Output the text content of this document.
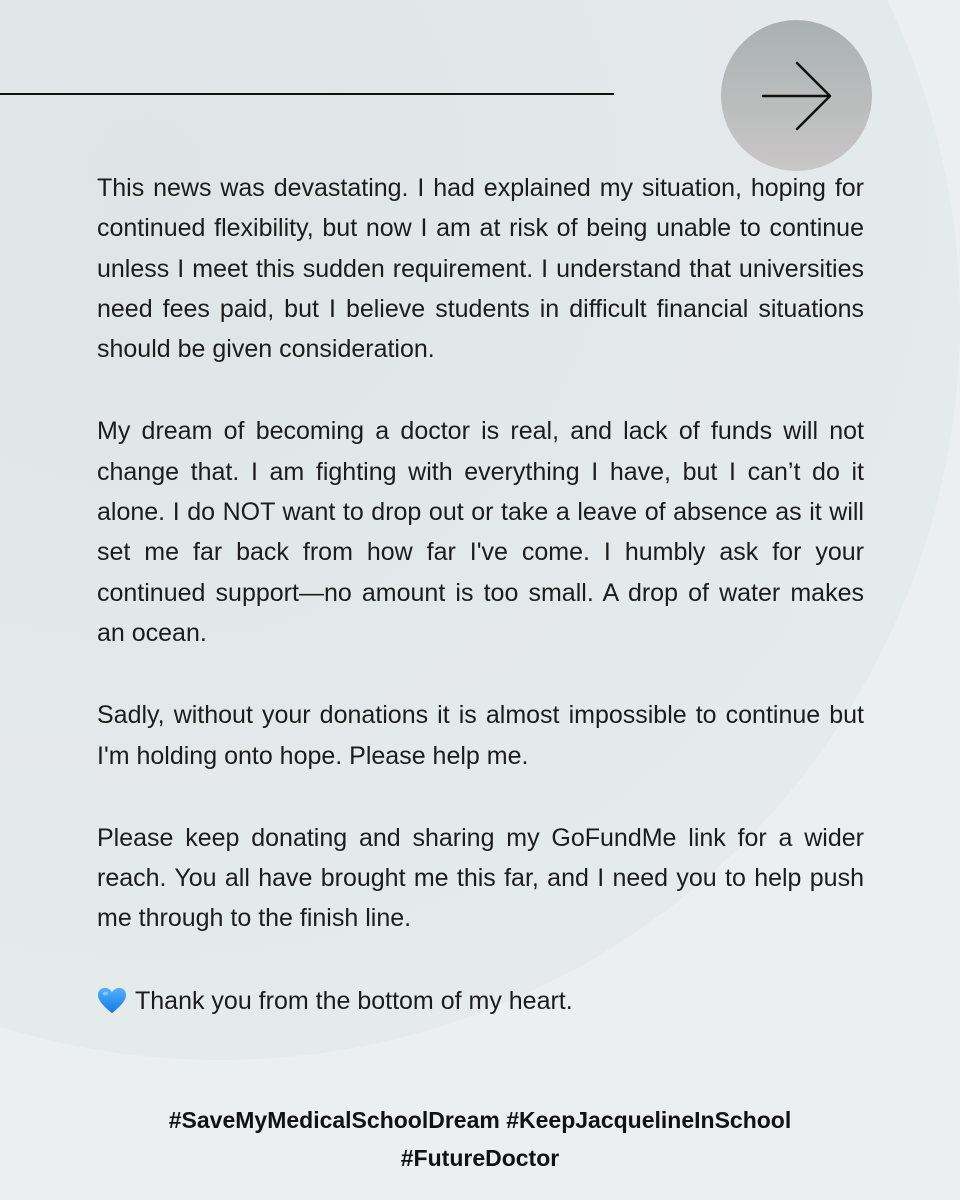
This news was devastating. I had explained my situation, hoping for continued flexibility, but now I am at risk of being unable to continue unless I meet this sudden requirement. I understand that universities need fees paid, but I believe students in difficult financial situations should be given consideration.

My dream of becoming a doctor is real, and lack of funds will not change that. I am fighting with everything I have, but I can’t do it alone. I do NOT want to drop out or take a leave of absence as it will set me far back from how far I've come. I humbly ask for your continued support—no amount is too small. A drop of water makes an ocean.

Sadly, without your donations it is almost impossible to continue but I'm holding onto hope. Please help me.

Please keep donating and sharing my GoFundMe link for a wider reach. You all have brought me this far, and I need you to help push me through to the finish line.

Thank you from the bottom of my heart.

#SaveMyMedicalSchoolDream #KeepJacquelineInSchool
#FutureDoctor
